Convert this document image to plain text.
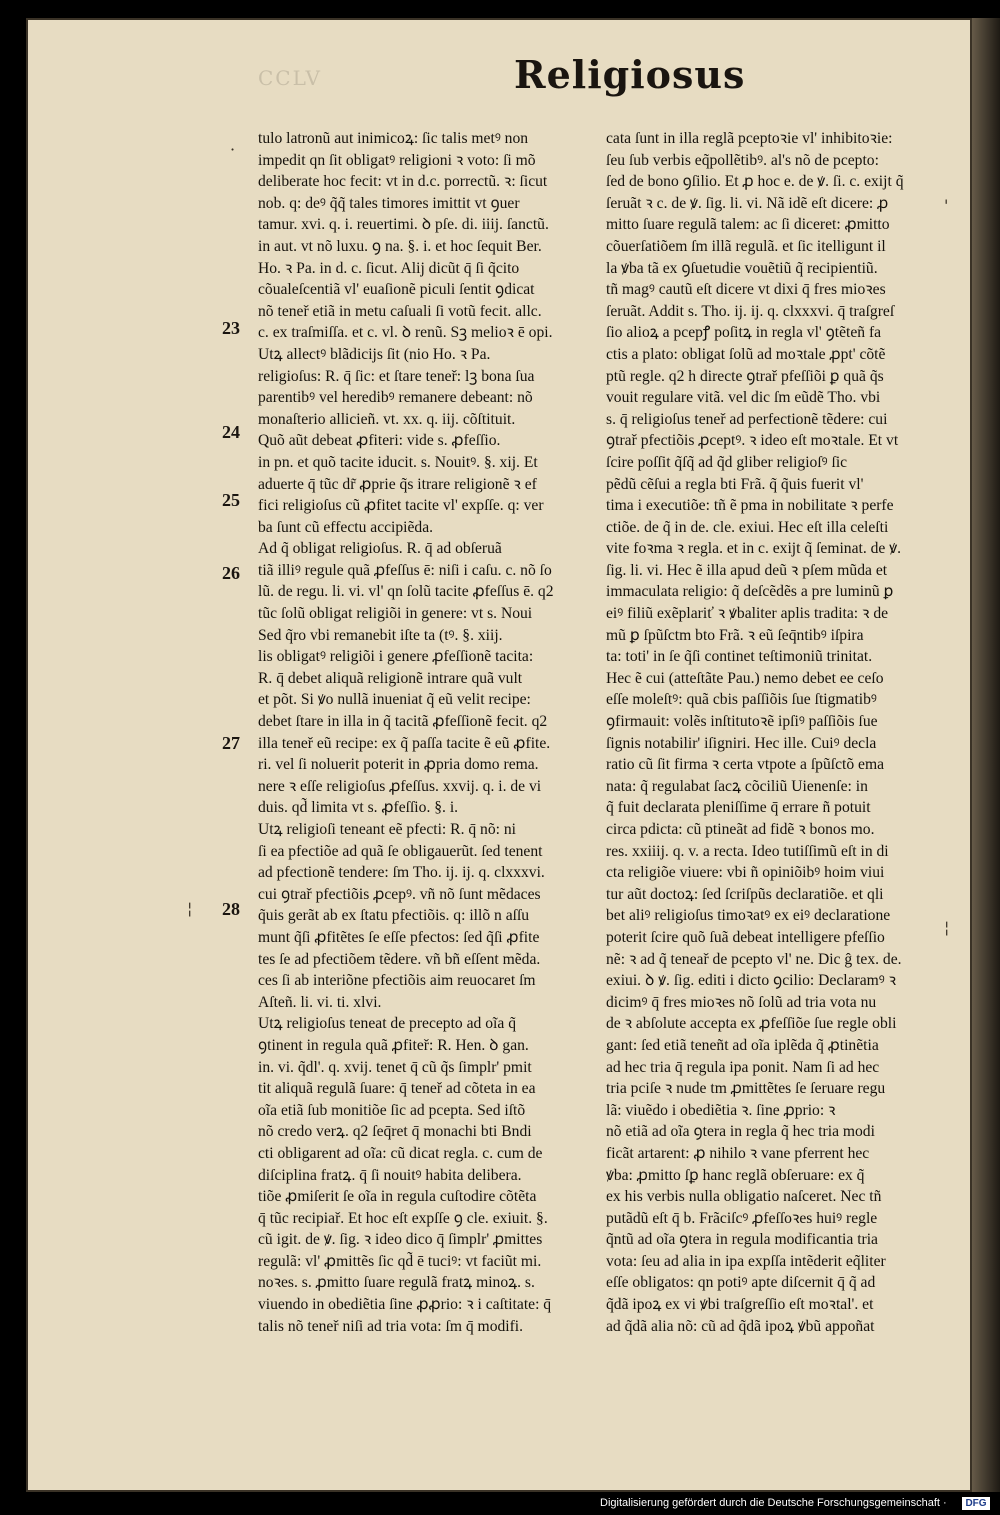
Religiosus
CCLV
·
¦
'
¦
23
24
25
26
27
28
tulo latronũ aut inimicoꝝ: ſic talis metꝰ non
impedit qn ſit obligatꝰ religioni ꝛ voto: ſi mõ
deliberate hoc fecit: vt in d.c. porrectũ. ꝛ: ſicut
nob. q: deꝰ q̃q̃ tales timores imittit vt ꝯuer
tamur. xvi. q. i. reuertimi. ꝺ pſe. di. iiij. ſanctũ.
in aut. vt nõ luxu. ꝯ na. §. i. et hoc ſequit Ber.
Ho. ꝛ Pa. in d. c. ſicut. Alij dicũt q̄ ſi q̃cito
cõualeſcentiã vl' euaſionẽ piculi ſentit ꝯdicat
nõ teneř etiã in metu caſuali ſi votũ fecit. allc.
c. ex traſmiſſa. et c. vl. ꝺ renũ. Sꝫ melioꝛ ē opi.
Utꝝ allectꝰ blãdicijs ſit (nio Ho. ꝛ Pa.
religioſus: R. q̄ ſic: et ſtare teneř: lꝫ bona ſua
parentibꝰ vel heredibꝰ remanere debeant: nõ
monaſterio allicieñ. vt. xx. q. iij. cõſtituit.
Quõ aũt debeat ꝓfiteri: vide s. ꝓfeſſio.
in pn. et quõ tacite iducit. s. Nouitꝰ. §. xij. Et
aduerte q̄ tũc dr̃ ꝓprie q̃s itrare religionẽ ꝛ ef
fici religioſus cũ ꝓfitet tacite vl' expſſe. q: ver
ba ſunt cũ effectu accipiẽda.
Ad q̃ obligat religioſus. R. q̄ ad obſeruã
tiã illiꝰ regule quã ꝓfeſſus ē: niſi i caſu. c. nõ ſo
lũ. de regu. li. vi. vl' qn ſolũ tacite ꝓfeſſus ē. q2
tũc ſolũ obligat religiõi in genere: vt s. Noui
Sed q̃ro vbi remanebit iſte ta (tꝰ. §. xiij.
lis obligatꝰ religiõi i genere ꝓfeſſionẽ tacita:
R. q̄ debet aliquã religionẽ intrare quã vult
et põt. Si ꝟo nullã inueniat q̃ eũ velit recipe:
debet ſtare in illa in q̃ tacitã ꝓfeſſionẽ fecit. q2
illa teneř eũ recipe: ex q̃ paſſa tacite ẽ eũ ꝓfite.
ri. vel ſi noluerit poterit in ꝓpria domo rema.
nere ꝛ eſſe religioſus ꝓfeſſus. xxvij. q. i. de vi
duis. qd̃ limita vt s. ꝓfeſſio. §. i.
Utꝝ religioſi teneant eẽ pfecti: R. q̄ nõ: ni
ſi ea pfectiõe ad quã ſe obligauerũt. ſed tenent
ad pfectionẽ tendere: ſm Tho. ij. ij. q. clxxxvi.
cui ꝯtrař pfectiõis ꝓcepꝰ. vñ nõ ſunt mẽdaces
q̃uis gerãt ab ex ſtatu pfectiõis. q: illõ n aſſu
munt q̃ſi ꝓfitẽtes ſe eſſe pfectos: ſed q̃ſi ꝓfite
tes ſe ad pfectiõem tẽdere. vñ bñ eſſent mẽda.
ces ſi ab interiõne pfectiõis aim reuocaret ſm
Aſteñ. li. vi. ti. xlvi.
Utꝝ religioſus teneat de precepto ad oĩa q̃
ꝯtinent in regula quã ꝓfiteř: R. Hen. ꝺ gan.
in. vi. q̃dl'. q. xvij. tenet q̄ cũ q̃s ſimplr' pmit
tit aliquã regulã ſuare: q̄ teneř ad cõteta in ea
oĩa etiã ſub monitiõe ſic ad pcepta. Sed iſtõ
nõ credo verꝝ. q2 ſeq̄ret q̄ monachi bti Bndi
cti obligarent ad oĩa: cũ dicat regla. c. cum de
diſciplina fratꝝ. q̄ ſi nouitꝰ habita delibera.
tiõe ꝓmiſerit ſe oĩa in regula cuſtodire cõtẽta
q̄ tũc recipiař. Et hoc eſt expſſe ꝯ cle. exiuit. §.
cũ igit. de ꝟ. ſig. ꝛ ideo dico q̄ ſimplr' ꝓmittes
regulã: vl' ꝓmittẽs ſic qd̃ ē tuciꝰ: vt faciũt mi.
noꝛes. s. ꝓmitto ſuare regulã fratꝝ minoꝝ. s.
viuendo in obediẽtia ſine ꝓꝓrio: ꝛ i caſtitate: q̄
talis nõ teneř niſi ad tria vota: ſm q̄ modifi.
cata ſunt in illa reglã pceptoꝛie vl' inhibitoꝛie:
ſeu ſub verbis eq̃pollẽtibꝰ. al's nõ de pcepto:
ſed de bono ꝯſilio. Et ꝓ hoc e. de ꝟ. ſi. c. exijt q̃
ſeruãt ꝛ c. de ꝟ. ſig. li. vi. Nã idẽ eſt dicere: ꝓ
mitto ſuare regulã talem: ac ſi diceret: ꝓmitto
cõuerſatiõem ſm illã regulã. et ſic itelligunt il
la ꝟba tã ex ꝯſuetudie vouẽtiũ q̃ recipientiũ.
tñ magꝰ cautũ eſt dicere vt dixi q̄ fres mioꝛes
ſeruãt. Addit s. Tho. ij. ij. q. clxxxvi. q̄ traſgreſ
ſio alioꝝ a pcepꝭ poſitꝝ in regla vl' ꝯtẽteñ fa
ctis a plato: obligat ſolũ ad moꝛtale ꝓpt' cõtẽ
ptũ regle. q2 h directe ꝯtrař pfeſſiõi ꝑ quã q̃s
vouit regulare vitã. vel dic ſm eũdẽ Tho. vbi
s. q̄ religioſus teneř ad perfectionẽ tẽdere: cui
ꝯtrař pfectiõis ꝓceptꝰ. ꝛ ideo eſt moꝛtale. Et vt
ſcire poſſit q̃ſq̃ ad q̃d gliber religioſꝰ ſic
pẽdũ cẽſui a regla bti Frã. q̃ q̃uis fuerit vl'
tima i executiõe: tñ ẽ pma in nobilitate ꝛ perfe
ctiõe. de q̃ in de. cle. exiui. Hec eſt illa celeſti
vite foꝛma ꝛ regla. et in c. exijt q̃ ſeminat. de ꝟ.
ſig. li. vi. Hec ẽ illa apud deũ ꝛ pſem mũda et
immaculata religio: q̃ deſcẽdẽs a pre luminũ ꝑ
eiꝰ filiũ exẽplariť ꝛ ꝟbaliter aplis tradita: ꝛ de
mũ ꝑ ſpũſctm bto Frã. ꝛ eũ ſeq̄ntibꝰ iſpira
ta: toti' in ſe q̃ſi continet teſtimoniũ trinitat.
Hec ẽ cui (atteſtãte Pau.) nemo debet ee ceſo
eſſe moleſtꝰ: quã cbis paſſiõis ſue ſtigmatibꝰ
ꝯfirmauit: volẽs inſtitutoꝛẽ ipſiꝰ paſſiõis ſue
ſignis notabilir' iſigniri. Hec ille. Cuiꝰ decla
ratio cũ ſit firma ꝛ certa vtpote a ſpũſctõ ema
nata: q̃ regulabat ſacꝝ cõciliũ Uienenſe: in
q̃ fuit declarata pleniſſime q̄ errare ñ potuit
circa pdicta: cũ ptineãt ad fidẽ ꝛ bonos mo.
res. xxiiij. q. v. a recta. Ideo tutiſſimũ eſt in di
cta religiõe viuere: vbi ñ opiniõibꝰ hoim viui
tur aũt doctoꝝ: ſed ſcriſpũs declaratiõe. et qli
bet aliꝰ religioſus timoꝛatꝰ ex eiꝰ declaratione
poterit ſcire quõ ſuã debeat intelligere pfeſſio
nẽ: ꝛ ad q̃ teneař de pcepto vl' ne. Dic ĝ tex. de.
exiui. ꝺ ꝟ. ſig. editi i dicto ꝯcilio: Declaramꝰ ꝛ
dicimꝰ q̄ fres mioꝛes nõ ſolũ ad tria vota nu
de ꝛ abſolute accepta ex ꝓfeſſiõe ſue regle obli
gant: ſed etiã teneñt ad oĩa iplẽda q̃ ꝓtinẽtia
ad hec tria q̄ regula ipa ponit. Nam ſi ad hec
tria pciſe ꝛ nude tm ꝓmittẽtes ſe ſeruare regu
lã: viuẽdo i obediẽtia ꝛ. ſine ꝓprio: ꝛ
nõ etiã ad oĩa ꝯtera in regla q̃ hec tria modi
ficãt artarent: ꝓ nihilo ꝛ vane pferrent hec
ꝟba: ꝓmitto ſꝑ hanc reglã obſeruare: ex q̃
ex his verbis nulla obligatio naſceret. Nec tñ
putãdũ eſt q̄ b. Frãciſcꝰ ꝓfeſſoꝛes huiꝰ regle
q̃ntũ ad oĩa ꝯtera in regula modificantia tria
vota: ſeu ad alia in ipa expſſa intẽderit eq̃liter
eſſe obligatos: qn potiꝰ apte diſcernit q̄ q̃ ad
q̃dã ipoꝝ ex vi ꝟbi traſgreſſio eſt moꝛtal'. et
ad q̃dã alia nõ: cũ ad q̃dã ipoꝝ ꝟbũ appoñat
Digitalisierung gefördert durch die Deutsche Forschungsgemeinschaft ·	DFG
